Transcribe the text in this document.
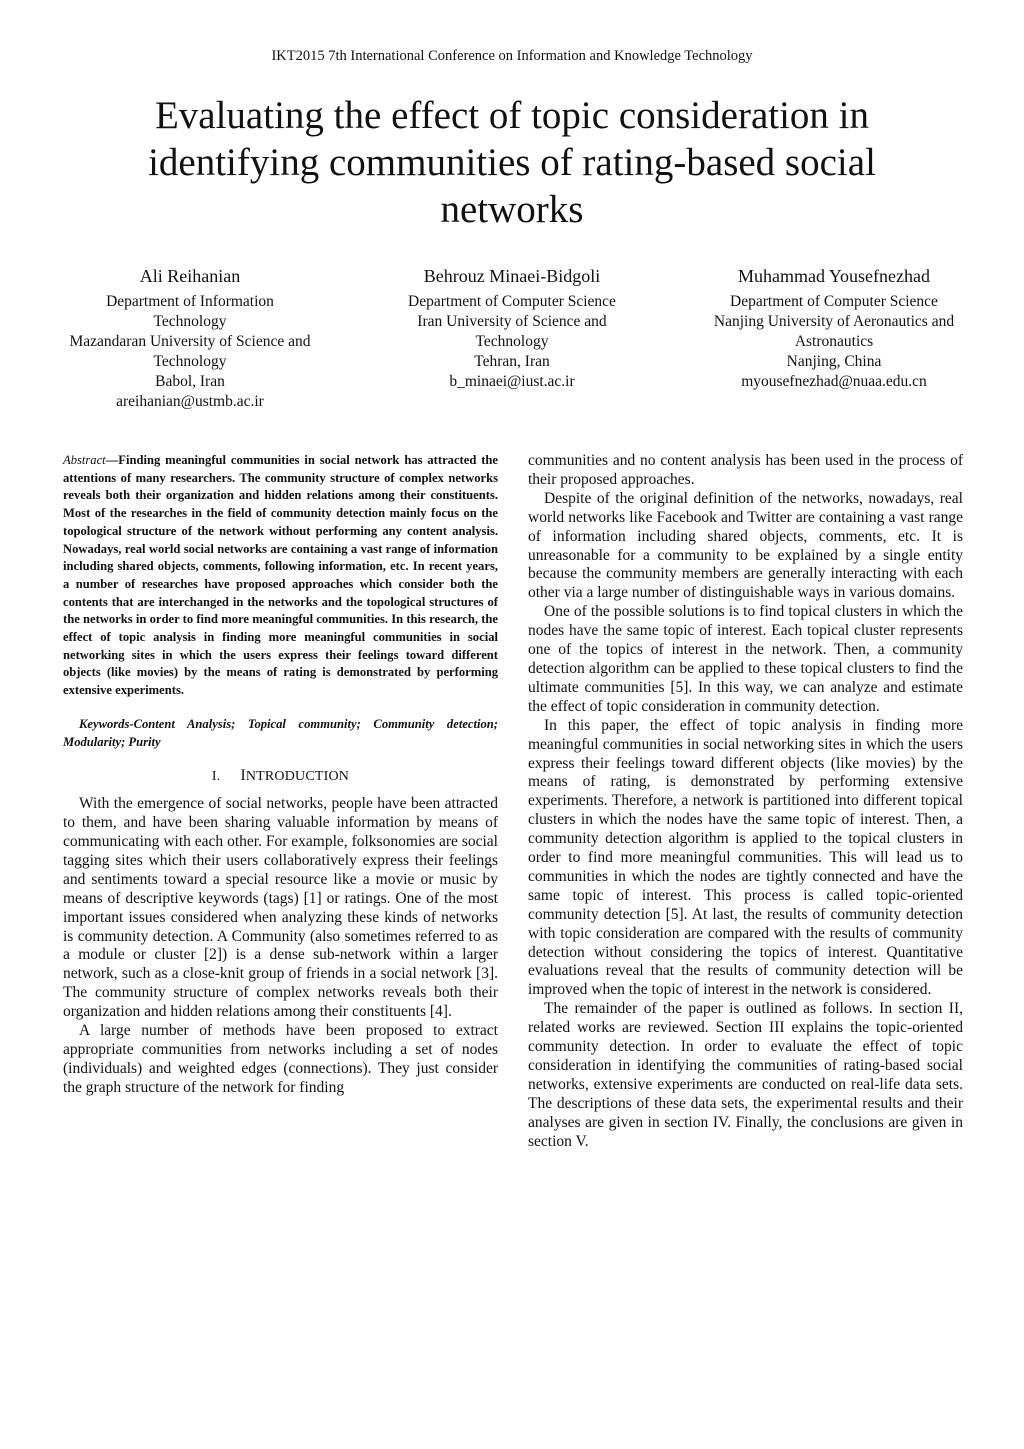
IKT2015 7th International Conference on Information and Knowledge Technology
Evaluating the effect of topic consideration in identifying communities of rating-based social networks
Ali Reihanian
Department of Information
Technology
Mazandaran University of Science and
Technology
Babol, Iran
areihanian@ustmb.ac.ir
Behrouz Minaei-Bidgoli
Department of Computer Science
Iran University of Science and
Technology
Tehran, Iran
b_minaei@iust.ac.ir
Muhammad Yousefnezhad
Department of Computer Science
Nanjing University of Aeronautics and
Astronautics
Nanjing, China
myousefnezhad@nuaa.edu.cn

Abstract—Finding meaningful communities in social network has attracted the attentions of many researchers. The community structure of complex networks reveals both their organization and hidden relations among their constituents. Most of the researches in the field of community detection mainly focus on the topological structure of the network without performing any content analysis. Nowadays, real world social networks are containing a vast range of information including shared objects, comments, following information, etc. In recent years, a number of researches have proposed approaches which consider both the contents that are interchanged in the networks and the topological structures of the networks in order to find more meaningful communities. In this research, the effect of topic analysis in finding more meaningful communities in social networking sites in which the users express their feelings toward different objects (like movies) by the means of rating is demonstrated by performing extensive experiments.

Keywords-Content Analysis; Topical community; Community detection; Modularity; Purity

I. INTRODUCTION

With the emergence of social networks, people have been attracted to them, and have been sharing valuable information by means of communicating with each other. For example, folksonomies are social tagging sites which their users collaboratively express their feelings and sentiments toward a special resource like a movie or music by means of descriptive keywords (tags) [1] or ratings. One of the most important issues considered when analyzing these kinds of networks is community detection. A Community (also sometimes referred to as a module or cluster [2]) is a dense sub-network within a larger network, such as a close-knit group of friends in a social network [3]. The community structure of complex networks reveals both their organization and hidden relations among their constituents [4].

A large number of methods have been proposed to extract appropriate communities from networks including a set of nodes (individuals) and weighted edges (connections). They just consider the graph structure of the network for finding

communities and no content analysis has been used in the process of their proposed approaches.

Despite of the original definition of the networks, nowadays, real world networks like Facebook and Twitter are containing a vast range of information including shared objects, comments, etc. It is unreasonable for a community to be explained by a single entity because the community members are generally interacting with each other via a large number of distinguishable ways in various domains.

One of the possible solutions is to find topical clusters in which the nodes have the same topic of interest. Each topical cluster represents one of the topics of interest in the network. Then, a community detection algorithm can be applied to these topical clusters to find the ultimate communities [5]. In this way, we can analyze and estimate the effect of topic consideration in community detection.

In this paper, the effect of topic analysis in finding more meaningful communities in social networking sites in which the users express their feelings toward different objects (like movies) by the means of rating, is demonstrated by performing extensive experiments. Therefore, a network is partitioned into different topical clusters in which the nodes have the same topic of interest. Then, a community detection algorithm is applied to the topical clusters in order to find more meaningful communities. This will lead us to communities in which the nodes are tightly connected and have the same topic of interest. This process is called topic-oriented community detection [5]. At last, the results of community detection with topic consideration are compared with the results of community detection without considering the topics of interest. Quantitative evaluations reveal that the results of community detection will be improved when the topic of interest in the network is considered.

The remainder of the paper is outlined as follows. In section II, related works are reviewed. Section III explains the topic-oriented community detection. In order to evaluate the effect of topic consideration in identifying the communities of rating-based social networks, extensive experiments are conducted on real-life data sets. The descriptions of these data sets, the experimental results and their analyses are given in section IV. Finally, the conclusions are given in section V.
